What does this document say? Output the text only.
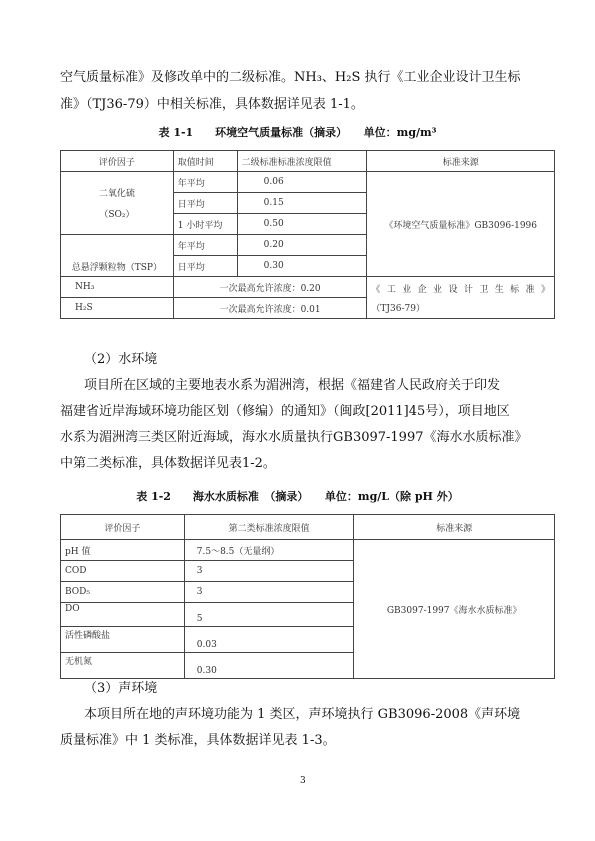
空气质量标准》及修改单中的二级标准。NH₃、H₂S 执行《工业企业设计卫生标
准》（TJ36-79）中相关标准，具体数据详见表 1-1。
表 1-1　　环境空气质量标准（摘录）　　单位：mg/m³
评价因子	取值时间	二级标准标准浓度限值	标准来源

二氧化硫
（SO₂）	年平均	0.06	《环境空气质量标准》GB3096-1996
	日平均	0.15	
	1 小时平均	0.50	
总悬浮颗粒物（TSP）	年平均	0.20	
	日平均	0.30	
NH₃	一次最高允许浓度：0.20		《工业企业设计卫生标准》
（TJ36-79）

H₂S	一次最高允许浓度：0.01		
（2）水环境
项目所在区域的主要地表水系为湄洲湾，根据《福建省人民政府关于印发
福建省近岸海域环境功能区划（修编）的通知》（闽政[2011]45号），项目地区
水系为湄洲湾三类区附近海域，海水水质量执行GB3097-1997《海水水质标准》
中第二类标准，具体数据详见表1-2。
表 1-2　　海水水质标准　（摘录）　　单位：mg/L（除 pH 外）
评价因子	第二类标准浓度限值	标准来源
pH 值	7.5～8.5（无量纲）	GB3097-1997《海水水质标准》
COD	3	
BOD₅	3	
DO	5	
活性磷酸盐	0.03	
无机氮	0.30	
（3）声环境
本项目所在地的声环境功能为 1 类区，声环境执行 GB3096-2008《声环境
质量标准》中 1 类标准，具体数据详见表 1-3。
3
